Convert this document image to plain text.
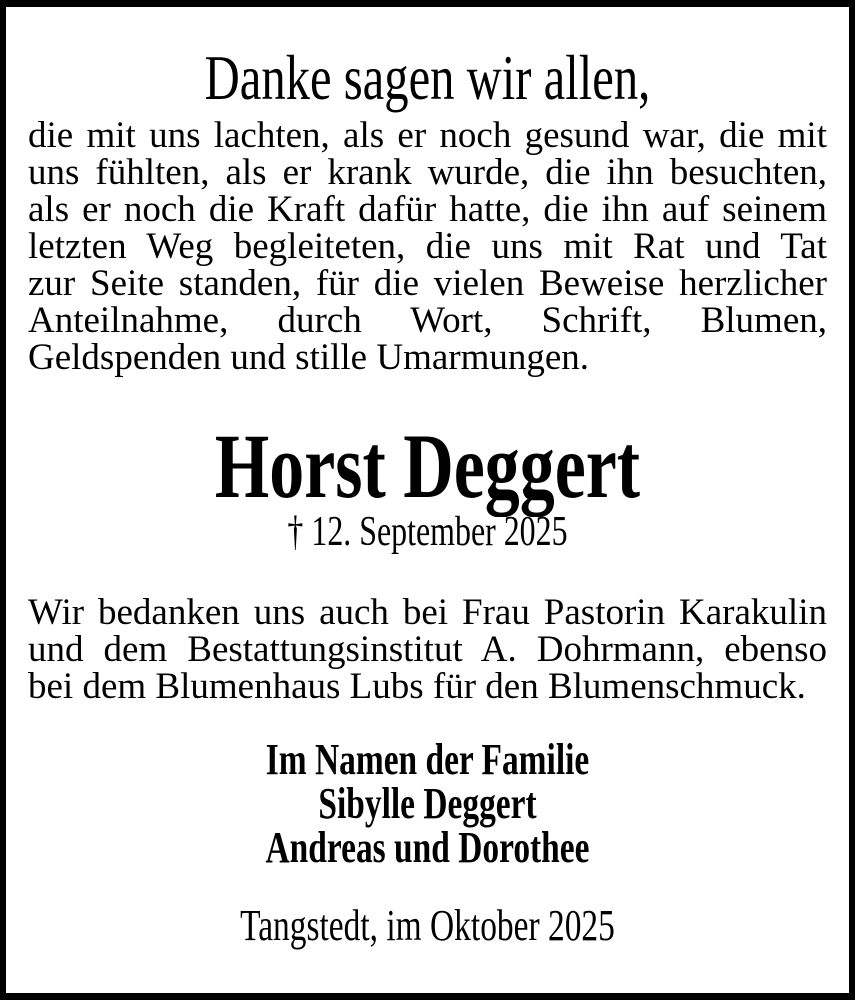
Danke sagen wir allen,
die mit uns lachten, als er noch gesund war, die mit
uns fühlten, als er krank wurde, die ihn besuchten,
als er noch die Kraft dafür hatte, die ihn auf seinem
letzten Weg begleiteten, die uns mit Rat und Tat
zur Seite standen, für die vielen Beweise herzlicher
Anteilnahme, durch Wort, Schrift, Blumen,
Geldspenden und stille Umarmungen.
Horst Deggert
† 12. September 2025
Wir bedanken uns auch bei Frau Pastorin Karakulin
und dem Bestattungsinstitut A. Dohrmann, ebenso
bei dem Blumenhaus Lubs für den Blumenschmuck.
Im Namen der Familie
Sibylle Deggert
Andreas und Dorothee
Tangstedt, im Oktober 2025
